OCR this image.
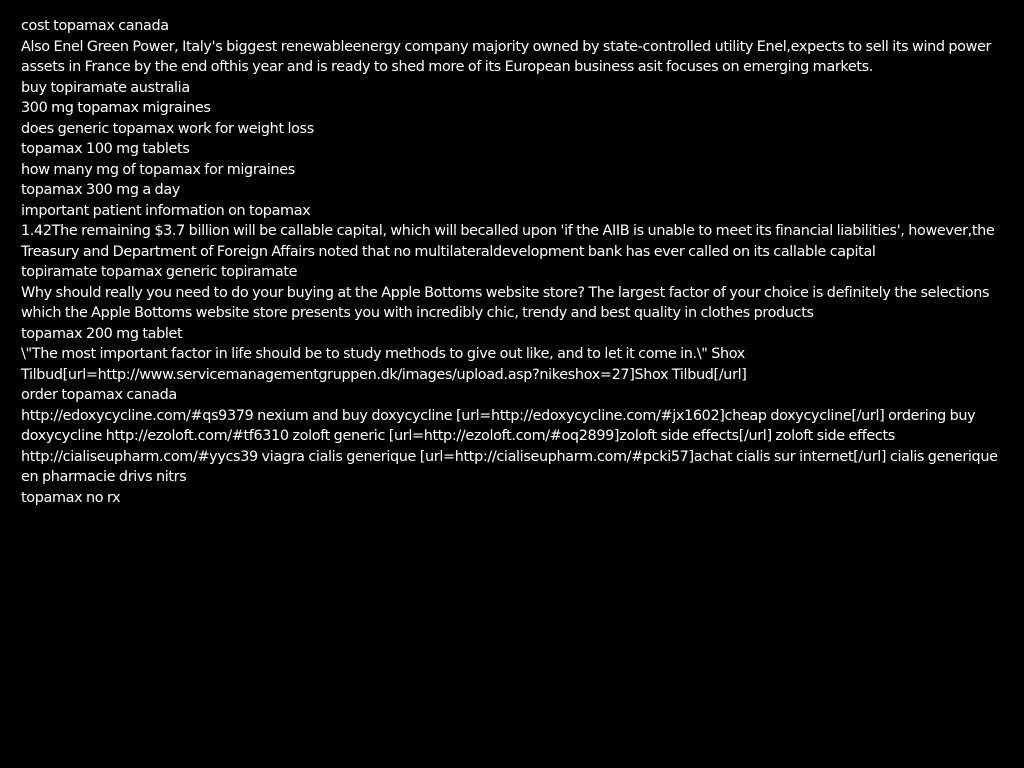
cost topamax canada

Also Enel Green Power, Italy's biggest renewableenergy company majority owned by state-controlled utility Enel,expects to sell its wind power assets in France by the end ofthis year and is ready to shed more of its European business asit focuses on emerging markets.

buy topiramate australia

300 mg topamax migraines

does generic topamax work for weight loss

topamax 100 mg tablets

how many mg of topamax for migraines

topamax 300 mg a day

important patient information on topamax

1.42The remaining $3.7 billion will be callable capital, which will becalled upon 'if the AIIB is unable to meet its financial liabilities', however,the Treasury and Department of Foreign Affairs noted that no multilateraldevelopment bank has ever called on its callable capital

topiramate topamax generic topiramate

Why should really you need to do your buying at the Apple Bottoms website store? The largest factor of your choice is definitely the selections which the Apple Bottoms website store presents you with incredibly chic, trendy and best quality in clothes products

topamax 200 mg tablet

\"The most important factor in life should be to study methods to give out like, and to let it come in.\" Shox Tilbud[url=http://www.servicemanagementgruppen.dk/images/upload.asp?nikeshox=27]Shox Tilbud[/url]

order topamax canada

http://edoxycycline.com/#qs9379 nexium and buy doxycycline [url=http://edoxycycline.com/#jx1602]cheap doxycycline[/url] ordering buy doxycycline http://ezoloft.com/#tf6310 zoloft generic [url=http://ezoloft.com/#oq2899]zoloft side effects[/url] zoloft side effects http://cialiseupharm.com/#yycs39 viagra cialis generique [url=http://cialiseupharm.com/#pcki57]achat cialis sur internet[/url] cialis generique en pharmacie drivs nitrs

topamax no rx
